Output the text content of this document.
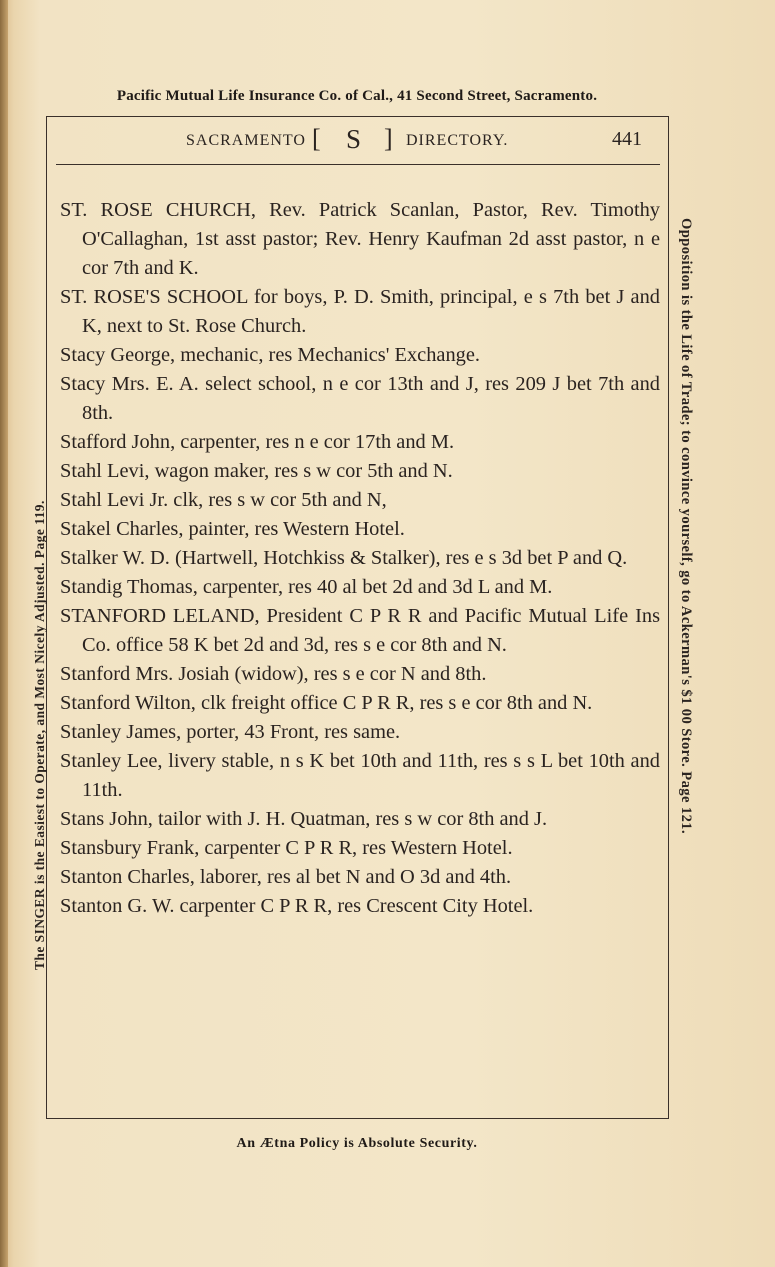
Pacific Mutual Life Insurance Co. of Cal., 41 Second Street, Sacramento.
SACRAMENTO [ S ] DIRECTORY.	441

ST. ROSE CHURCH, Rev. Patrick Scanlan, Pastor, Rev. Timothy O'Callaghan, 1st asst pastor; Rev. Henry Kaufman 2d asst pastor, n e cor 7th and K.

ST. ROSE'S SCHOOL for boys, P. D. Smith, principal, e s 7th bet J and K, next to St. Rose Church.

Stacy George, mechanic, res Mechanics' Exchange.

Stacy Mrs. E. A. select school, n e cor 13th and J, res 209 J bet 7th and 8th.

Stafford John, carpenter, res n e cor 17th and M.

Stahl Levi, wagon maker, res s w cor 5th and N.

Stahl Levi Jr. clk, res s w cor 5th and N,

Stakel Charles, painter, res Western Hotel.

Stalker W. D. (Hartwell, Hotchkiss & Stalker), res e s 3d bet P and Q.

Standig Thomas, carpenter, res 40 al bet 2d and 3d L and M.

STANFORD LELAND, President C P R R and Pacific Mutual Life Ins Co. office 58 K bet 2d and 3d, res s e cor 8th and N.

Stanford Mrs. Josiah (widow), res s e cor N and 8th.

Stanford Wilton, clk freight office C P R R, res s e cor 8th and N.

Stanley James, porter, 43 Front, res same.

Stanley Lee, livery stable, n s K bet 10th and 11th, res s s L bet 10th and 11th.

Stans John, tailor with J. H. Quatman, res s w cor 8th and J.

Stansbury Frank, carpenter C P R R, res Western Hotel.

Stanton Charles, laborer, res al bet N and O 3d and 4th.

Stanton G. W. carpenter C P R R, res Crescent City Hotel.

The SINGER is the Easiest to Operate, and Most Nicely Adjusted. Page 119.	Opposition is the Life of Trade; to convince yourself, go to Ackerman's $1 00 Store. Page 121.
An Ætna Policy is Absolute Security.
